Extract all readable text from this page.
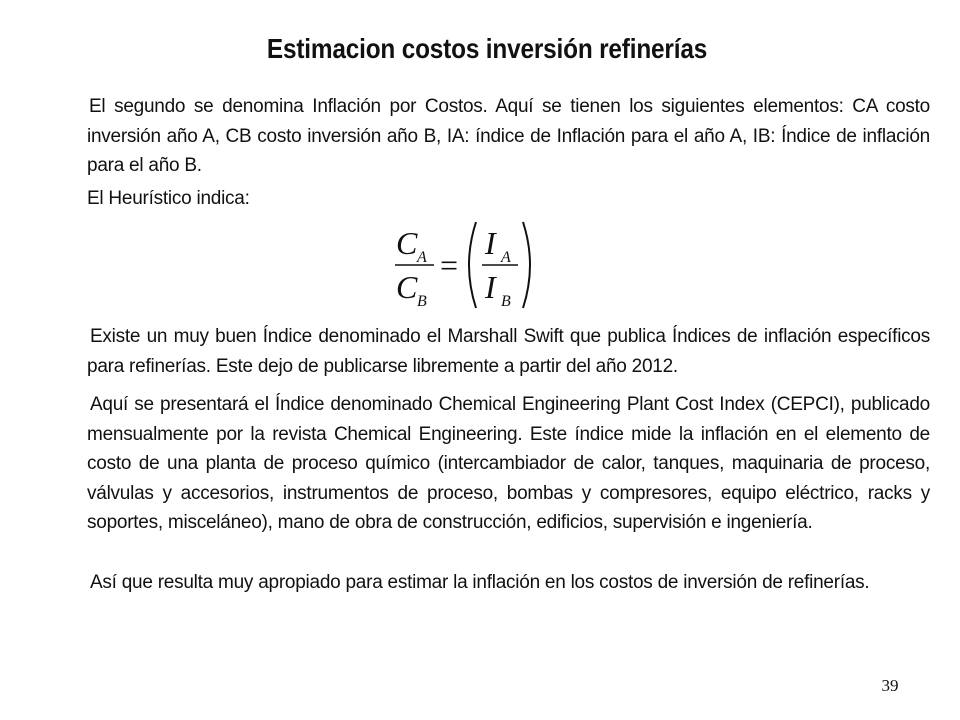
Estimacion costos inversión refinerías

El segundo se denomina Inflación por Costos. Aquí se tienen los siguientes elementos: CA costo inversión año A, CB costo inversión año B, IA: índice de Inflación para el año A, IB: Índice de inflación para el año B.

El Heurístico indica:

C A
C B
=
I A
I B

Existe un muy buen Índice denominado el Marshall Swift que publica Índices de inflación específicos para refinerías. Este dejo de publicarse libremente a partir del año 2012.

Aquí se presentará el Índice denominado Chemical Engineering Plant Cost Index (CEPCI), publicado mensualmente por la revista Chemical Engineering. Este índice mide la inflación en el elemento de costo de una planta de proceso químico (intercambiador de calor, tanques, maquinaria de proceso, válvulas y accesorios, instrumentos de proceso, bombas y compresores, equipo eléctrico, racks y soportes, misceláneo), mano de obra de construcción, edificios, supervisión e ingeniería.

Así que resulta muy apropiado para estimar la inflación en los costos de inversión de refinerías.

39
